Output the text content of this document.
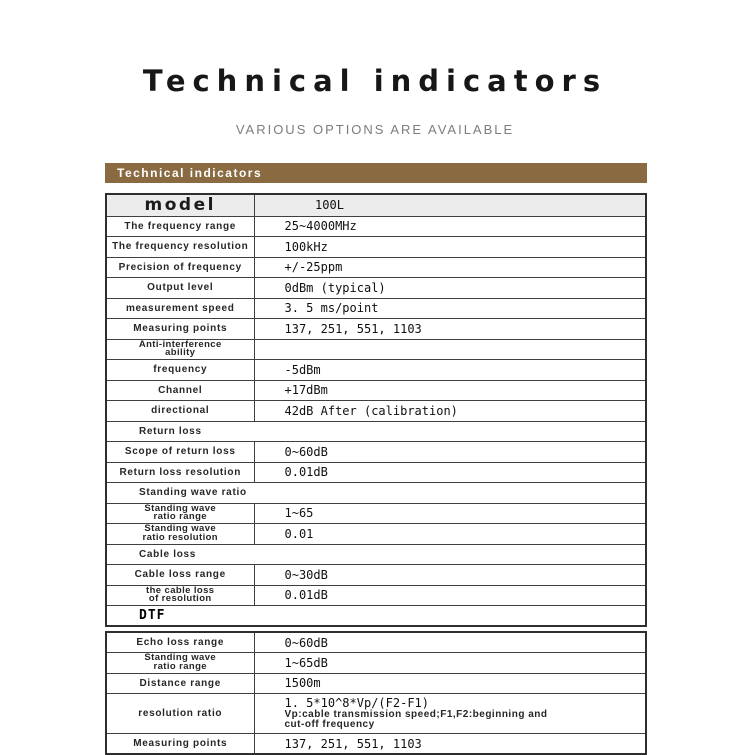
Technical indicators
VARIOUS OPTIONS ARE AVAILABLE
Technical indicators
model	100L

The frequency range	25~4000MHz
The frequency resolution	100kHz
Precision of frequency	+/-25ppm
Output level	0dBm (typical)
measurement speed	3. 5 ms/point
Measuring points	137, 251, 551, 1103

Anti-interference
ability	

frequency	-5dBm
Channel	+17dBm
directional	42dB After (calibration)
Return loss	
Scope of return loss	0~60dB
Return loss resolution	0.01dB
Standing wave ratio	

Standing wave
ratio range	1~65

Standing wave
ratio resolution	0.01
Cable loss	
Cable loss range	0~30dB

the cable loss
of resolution	0.01dB
DTF	
Echo loss range	0~60dB

Standing wave
ratio range	1~65dB
Distance range	1500m
resolution ratio	1. 5*10^8*Vp/(F2-F1)
Vp:cable transmission speed;F1,F2:beginning and
cut-off frequency

Measuring points	137, 251, 551, 1103
